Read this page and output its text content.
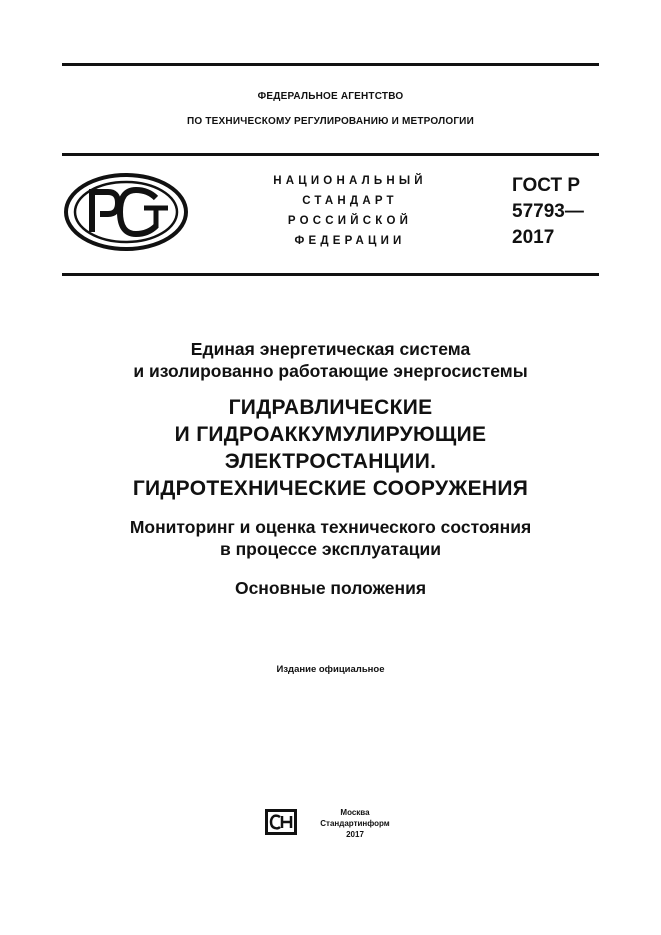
ФЕДЕРАЛЬНОЕ АГЕНТСТВО
ПО ТЕХНИЧЕСКОМУ РЕГУЛИРОВАНИЮ И МЕТРОЛОГИИ
НАЦИОНАЛЬНЫЙ
СТАНДАРТ
РОССИЙСКОЙ
ФЕДЕРАЦИИ
ГОСТ Р
57793—
2017
Единая энергетическая система
и изолированно работающие энергосистемы
ГИДРАВЛИЧЕСКИЕ
И ГИДРОАККУМУЛИРУЮЩИЕ
ЭЛЕКТРОСТАНЦИИ.
ГИДРОТЕХНИЧЕСКИЕ СООРУЖЕНИЯ
Мониторинг и оценка технического состояния
в процессе эксплуатации
Основные положения
Издание официальное
Москва
Стандартинформ
2017
